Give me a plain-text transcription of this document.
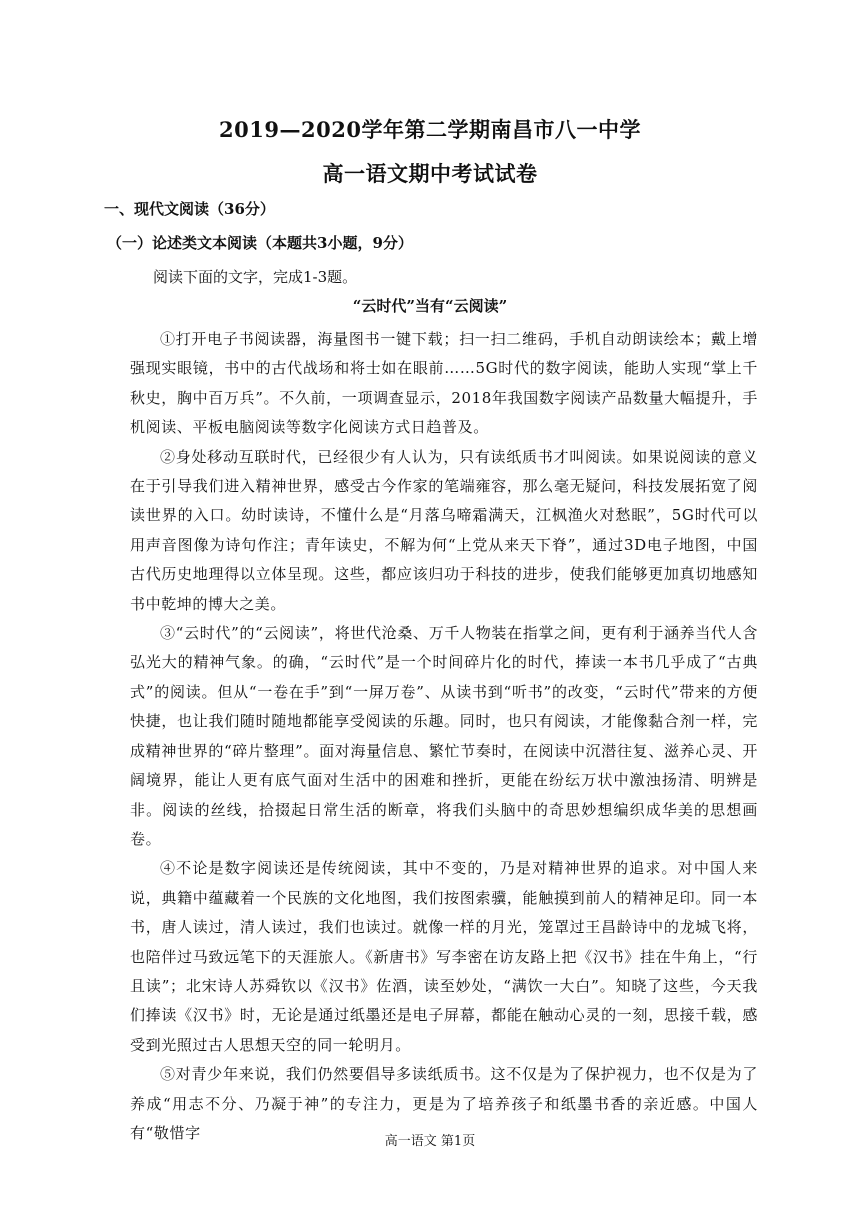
2019—2020学年第二学期南昌市八一中学
高一语文期中考试试卷
一、现代文阅读（36分）
（一）论述类文本阅读（本题共3小题，9分）
阅读下面的文字，完成1-3题。
“云时代”当有“云阅读”

①打开电子书阅读器，海量图书一键下载；扫一扫二维码，手机自动朗读绘本；戴上增强现实眼镜，书中的古代战场和将士如在眼前……5G时代的数字阅读，能助人实现“掌上千秋史，胸中百万兵”。不久前，一项调查显示，2018年我国数字阅读产品数量大幅提升，手机阅读、平板电脑阅读等数字化阅读方式日趋普及。

②身处移动互联时代，已经很少有人认为，只有读纸质书才叫阅读。如果说阅读的意义在于引导我们进入精神世界，感受古今作家的笔端雍容，那么毫无疑问，科技发展拓宽了阅读世界的入口。幼时读诗，不懂什么是“月落乌啼霜满天，江枫渔火对愁眠”，5G时代可以用声音图像为诗句作注；青年读史，不解为何“上党从来天下脊”，通过3D电子地图，中国古代历史地理得以立体呈现。这些，都应该归功于科技的进步，使我们能够更加真切地感知书中乾坤的博大之美。

③“云时代”的“云阅读”，将世代沧桑、万千人物装在指掌之间，更有利于涵养当代人含弘光大的精神气象。的确，“云时代”是一个时间碎片化的时代，捧读一本书几乎成了“古典式”的阅读。但从“一卷在手”到“一屏万卷”、从读书到“听书”的改变，“云时代”带来的方便快捷，也让我们随时随地都能享受阅读的乐趣。同时，也只有阅读，才能像黏合剂一样，完成精神世界的“碎片整理”。面对海量信息、繁忙节奏时，在阅读中沉潜往复、滋养心灵、开阔境界，能让人更有底气面对生活中的困难和挫折，更能在纷纭万状中激浊扬清、明辨是非。阅读的丝线，拾掇起日常生活的断章，将我们头脑中的奇思妙想编织成华美的思想画卷。

④不论是数字阅读还是传统阅读，其中不变的，乃是对精神世界的追求。对中国人来说，典籍中蕴藏着一个民族的文化地图，我们按图索骥，能触摸到前人的精神足印。同一本书，唐人读过，清人读过，我们也读过。就像一样的月光，笼罩过王昌龄诗中的龙城飞将，也陪伴过马致远笔下的天涯旅人。《新唐书》写李密在访友路上把《汉书》挂在牛角上，“行且读”；北宋诗人苏舜钦以《汉书》佐酒，读至妙处，“满饮一大白”。知晓了这些，今天我们捧读《汉书》时，无论是通过纸墨还是电子屏幕，都能在触动心灵的一刻，思接千载，感受到光照过古人思想天空的同一轮明月。

⑤对青少年来说，我们仍然要倡导多读纸质书。这不仅是为了保护视力，也不仅是为了养成“用志不分、乃凝于神”的专注力，更是为了培养孩子和纸墨书香的亲近感。中国人有“敬惜字	高一语文 第1页
